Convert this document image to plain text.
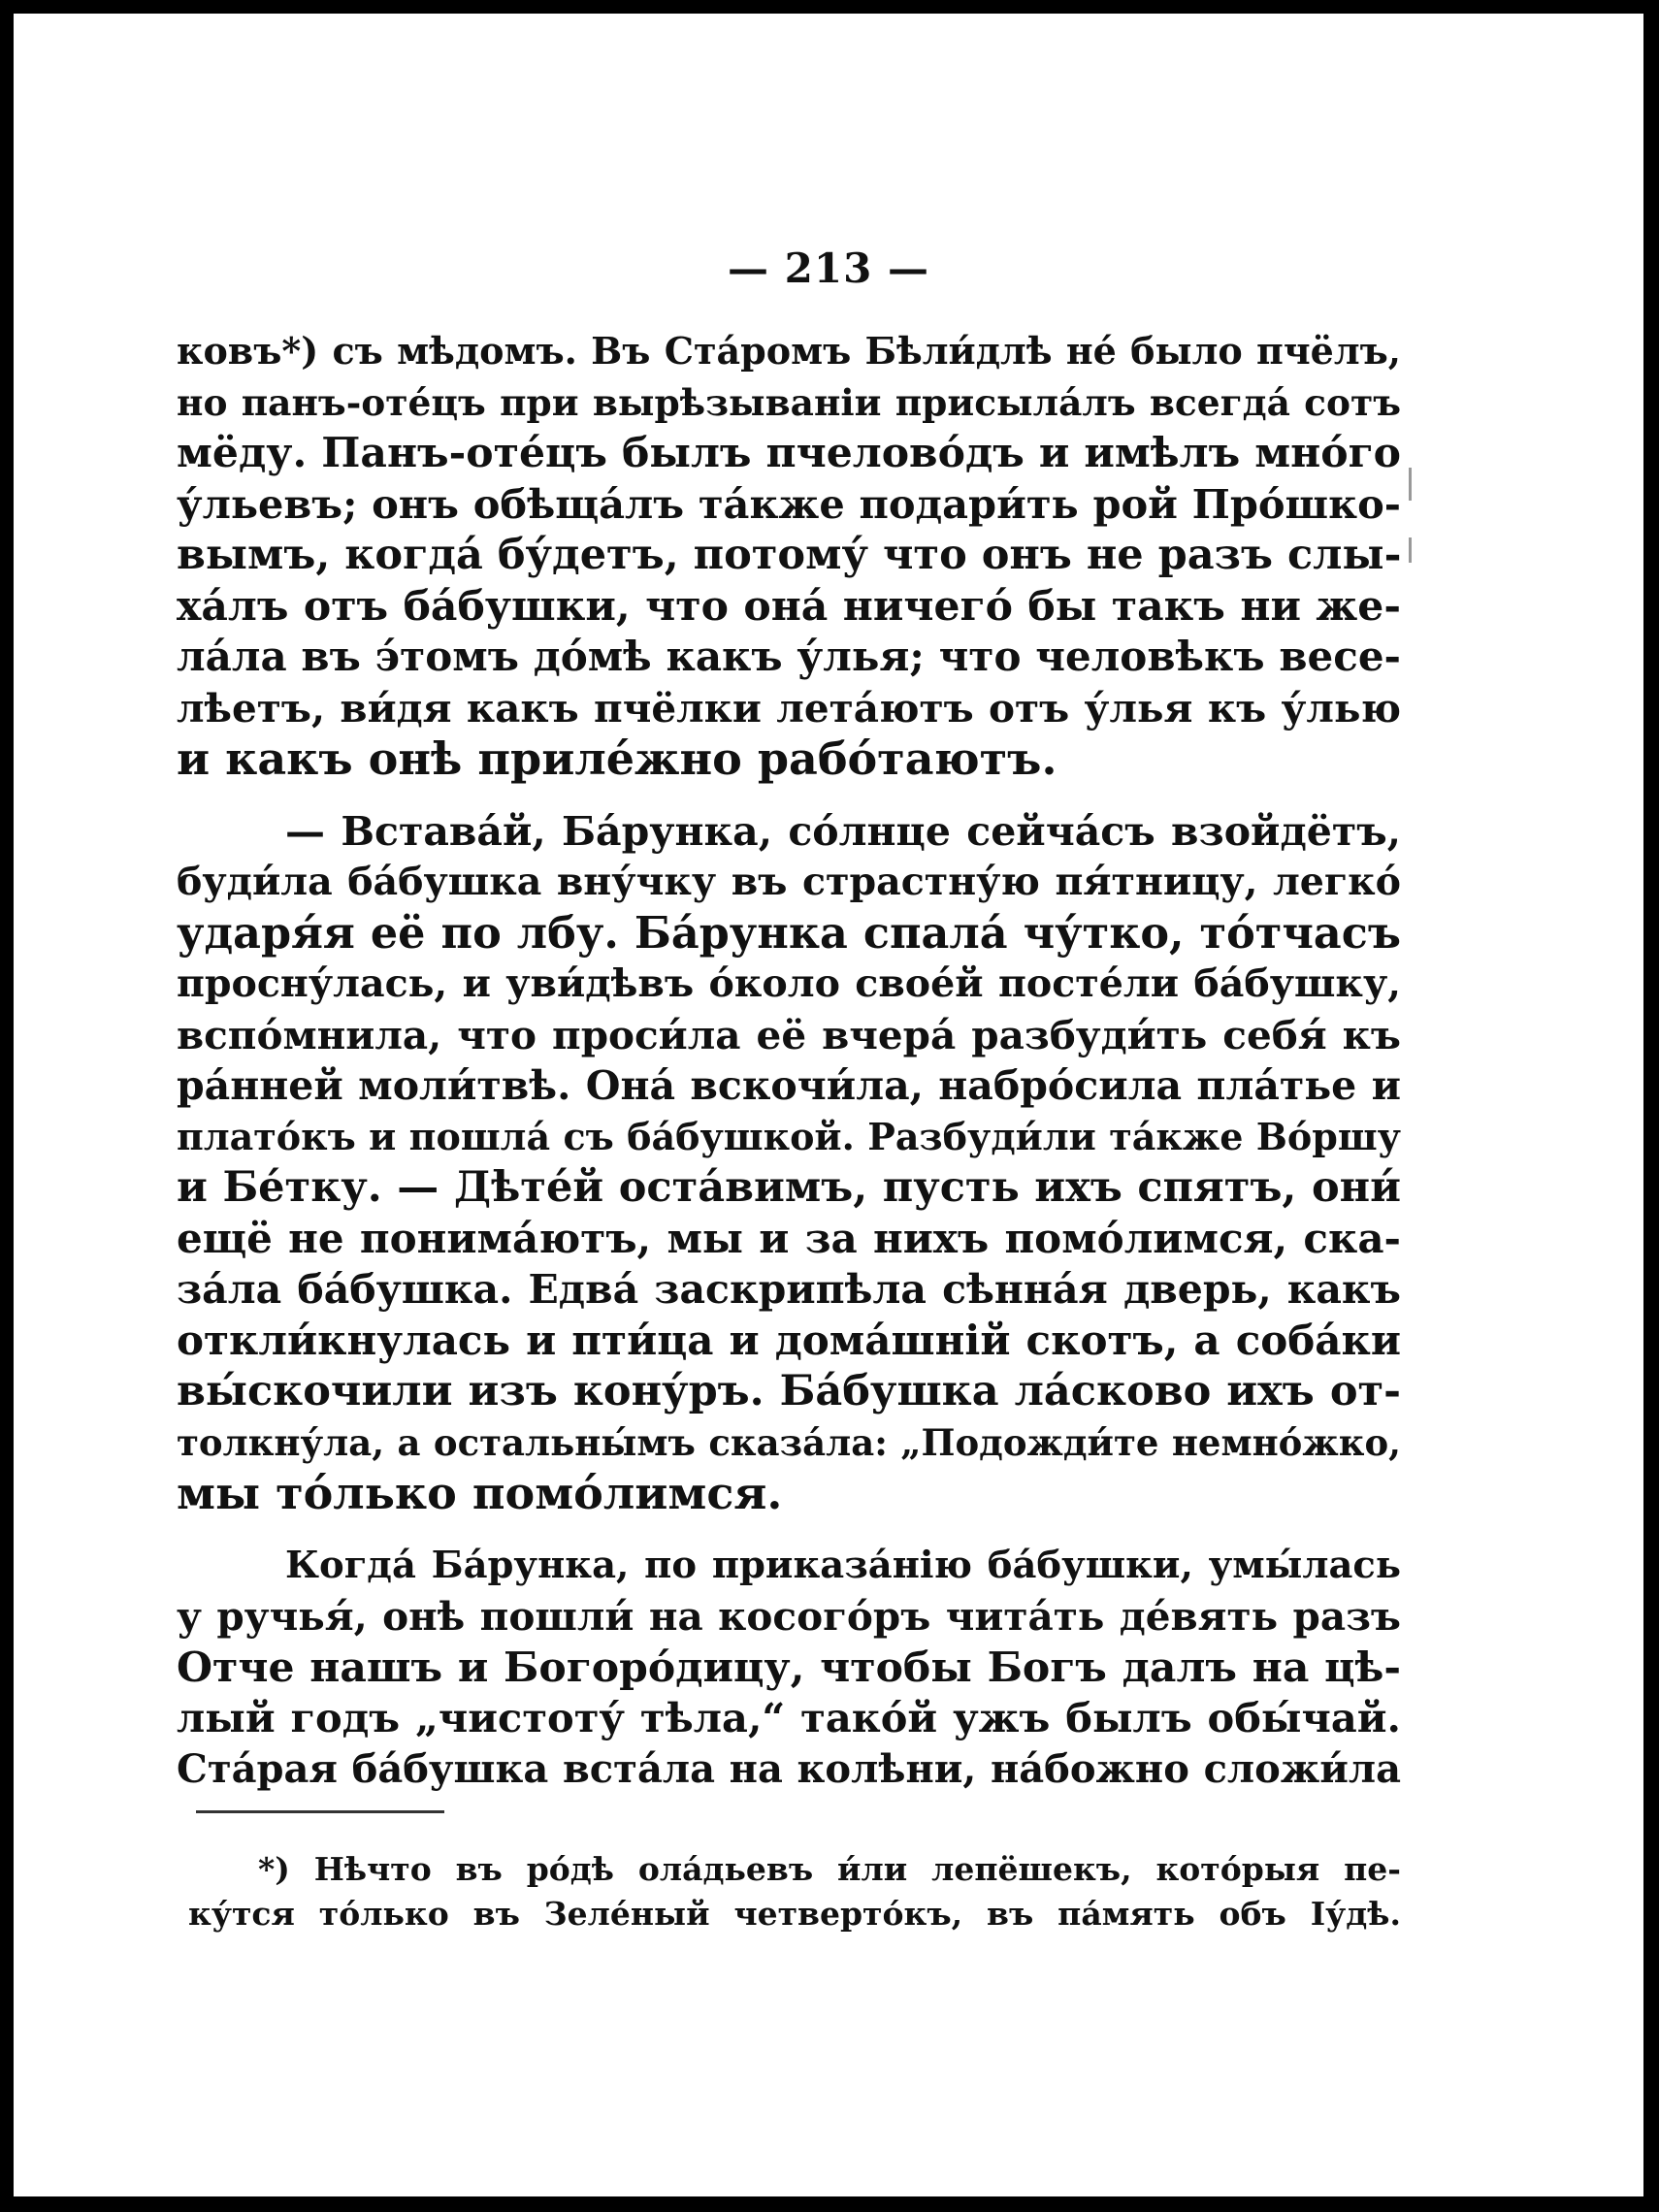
— 213 —
ковъ*) съ мѣдомъ. Въ Ста́ромъ Бѣли́длѣ не́ было пчёлъ,
но панъ-оте́цъ при вырѣзываніи присыла́лъ всегда́ сотъ
мёду. Панъ-оте́цъ былъ пчелово́дъ и имѣлъ мно́го
у́льевъ; онъ обѣща́лъ та́кже подари́ть рой Про́шко-
вымъ, когда́ бу́детъ, потому́ что онъ не разъ слы-
ха́лъ отъ ба́бушки, что она́ ничего́ бы такъ ни же-
ла́ла въ э́томъ до́мѣ какъ у́лья; что человѣкъ весе-
лѣетъ, ви́дя какъ пчёлки лета́ютъ отъ у́лья къ у́лью
и какъ онѣ приле́жно рабо́таютъ.
— Встава́й, Ба́рунка, со́лнце сейча́съ взойдётъ,
буди́ла ба́бушка вну́чку въ страстну́ю пя́тницу, легко́
ударя́я её по лбу. Ба́рунка спала́ чу́тко, то́тчасъ
просну́лась, и уви́дѣвъ о́коло свое́й посте́ли ба́бушку,
вспо́мнила, что проси́ла её вчера́ разбуди́ть себя́ къ
ра́нней моли́твѣ. Она́ вскочи́ла, набро́сила пла́тье и
плато́къ и пошла́ съ ба́бушкой. Разбуди́ли та́кже Во́ршу
и Бе́тку. — Дѣте́й оста́вимъ, пусть ихъ спятъ, они́
ещё не понима́ютъ, мы и за нихъ помо́лимся, ска-
за́ла ба́бушка. Едва́ заскрипѣла сѣнна́я дверь, какъ
откли́кнулась и пти́ца и дома́шній скотъ, а соба́ки
вы́скочили изъ кону́ръ. Ба́бушка ла́сково ихъ от-
толкну́ла, а остальны́мъ сказа́ла: „Подожди́те немно́жко,
мы то́лько помо́лимся.
Когда́ Ба́рунка, по приказа́нію ба́бушки, умы́лась
у ручья́, онѣ пошли́ на косого́ръ чита́ть де́вять разъ
Отче нашъ и Богоро́дицу, чтобы Богъ далъ на цѣ-
лый годъ „чистоту́ тѣла,“ тако́й ужъ былъ обы́чай.
Ста́рая ба́бушка вста́ла на колѣни, на́божно сложи́ла
*) Нѣчто въ ро́дѣ ола́дьевъ и́ли лепёшекъ, кото́рыя пе-
ку́тся то́лько въ Зеле́ный четверто́къ, въ па́мять объ Іу́дѣ.
